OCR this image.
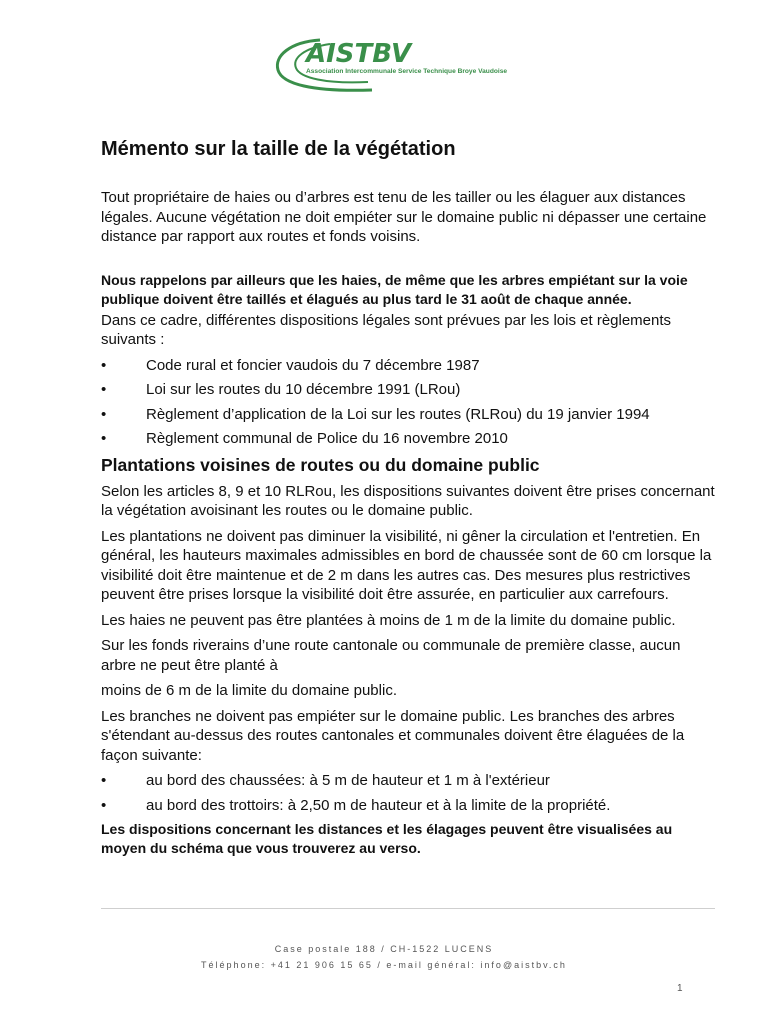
AISTBV
Association Intercommunale Service Technique Broye Vaudoise
Mémento sur la taille de la végétation

Tout propriétaire de haies ou d’arbres est tenu de les tailler ou les élaguer aux distances légales. Aucune végétation ne doit empiéter sur le domaine public ni dépasser une certaine distance par rapport aux routes et fonds voisins.

Nous rappelons par ailleurs que les haies, de même que les arbres empiétant sur la voie publique doivent être taillés et élagués au plus tard le 31 août de chaque année.

Dans ce cadre, différentes dispositions légales sont prévues par les lois et règlements suivants :

•	Code rural et foncier vaudois du 7 décembre 1987
•	Loi sur les routes du 10 décembre 1991 (LRou)
•	Règlement d’application de la Loi sur les routes (RLRou) du 19 janvier 1994
•	Règlement communal de Police du 16 novembre 2010
Plantations voisines de routes ou du domaine public

Selon les articles 8, 9 et 10 RLRou, les dispositions suivantes doivent être prises concernant la végétation avoisinant les routes ou le domaine public.

Les plantations ne doivent pas diminuer la visibilité, ni gêner la circulation et l'entretien. En général, les hauteurs maximales admissibles en bord de chaussée sont de 60 cm lorsque la visibilité doit être maintenue et de 2 m dans les autres cas. Des mesures plus restrictives peuvent être prises lorsque la visibilité doit être assurée, en particulier aux carrefours.

Les haies ne peuvent pas être plantées à moins de 1 m de la limite du domaine public.

Sur les fonds riverains d’une route cantonale ou communale de première classe, aucun arbre ne peut être planté à

moins de 6 m de la limite du domaine public.

Les branches ne doivent pas empiéter sur le domaine public. Les branches des arbres s'étendant au-dessus des routes cantonales et communales doivent être élaguées de la façon suivante:

•	au bord des chaussées: à 5 m de hauteur et 1 m à l'extérieur
•	au bord des trottoirs: à 2,50 m de hauteur et à la limite de la propriété.

Les dispositions concernant les distances et les élagages peuvent être visualisées au moyen du schéma que vous trouverez au verso.

Case postale 188 / CH-1522 LUCENS
Téléphone: +41 21 906 15 65 / e-mail général: info@aistbv.ch
1
